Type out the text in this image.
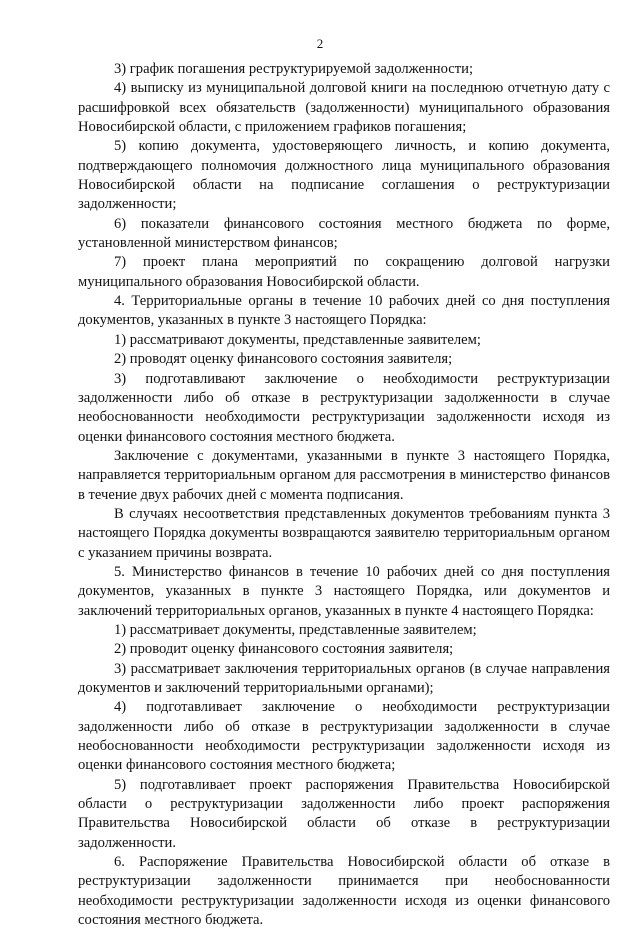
2

3) график погашения реструктурируемой задолженности;

4) выписку из муниципальной долговой книги на последнюю отчетную дату с расшифровкой всех обязательств (задолженности) муниципального образования Новосибирской области, с приложением графиков погашения;

5) копию документа, удостоверяющего личность, и копию документа, подтверждающего полномочия должностного лица муниципального образования Новосибирской области на подписание соглашения о реструктуризации задолженности;

6) показатели финансового состояния местного бюджета по форме, установленной министерством финансов;

7) проект плана мероприятий по сокращению долговой нагрузки муниципального образования Новосибирской области.

4. Территориальные органы в течение 10 рабочих дней со дня поступления документов, указанных в пункте 3 настоящего Порядка:

1) рассматривают документы, представленные заявителем;

2) проводят оценку финансового состояния заявителя;

3) подготавливают заключение о необходимости реструктуризации задолженности либо об отказе в реструктуризации задолженности в случае необоснованности необходимости реструктуризации задолженности исходя из оценки финансового состояния местного бюджета.

Заключение с документами, указанными в пункте 3 настоящего Порядка, направляется территориальным органом для рассмотрения в министерство финансов в течение двух рабочих дней с момента подписания.

В случаях несоответствия представленных документов требованиям пункта 3 настоящего Порядка документы возвращаются заявителю территориальным органом с указанием причины возврата.

5. Министерство финансов в течение 10 рабочих дней со дня поступления документов, указанных в пункте 3 настоящего Порядка, или документов и заключений территориальных органов, указанных в пункте 4 настоящего Порядка:

1) рассматривает документы, представленные заявителем;

2) проводит оценку финансового состояния заявителя;

3) рассматривает заключения территориальных органов (в случае направления документов и заключений территориальными органами);

4) подготавливает заключение о необходимости реструктуризации задолженности либо об отказе в реструктуризации задолженности в случае необоснованности необходимости реструктуризации задолженности исходя из оценки финансового состояния местного бюджета;

5) подготавливает проект распоряжения Правительства Новосибирской области о реструктуризации задолженности либо проект распоряжения Правительства Новосибирской области об отказе в реструктуризации задолженности.

6. Распоряжение Правительства Новосибирской области об отказе в реструктуризации задолженности принимается при необоснованности необходимости реструктуризации задолженности исходя из оценки финансового состояния местного бюджета.
